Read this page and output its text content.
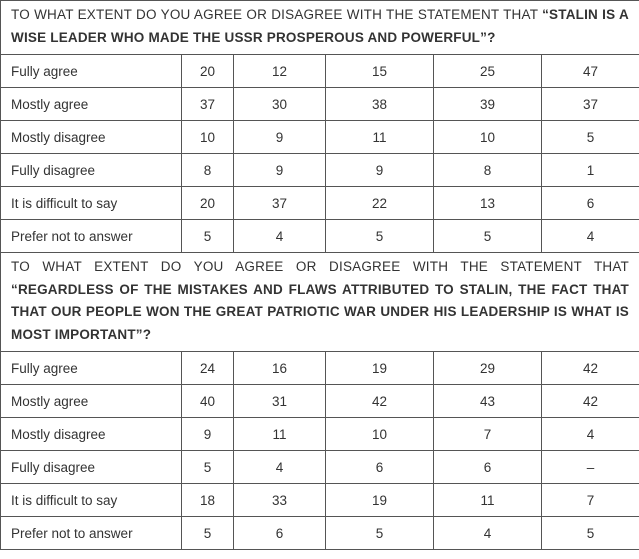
TO WHAT EXTENT DO YOU AGREE OR DISAGREE WITH THE STATEMENT THAT “STALIN IS A WISE LEADER WHO MADE THE USSR PROSPEROUS AND POWERFUL”?					
Fully agree	20	12	15	25	47
Mostly agree	37	30	38	39	37
Mostly disagree	10	9	11	10	5
Fully disagree	8	9	9	8	1
It is difficult to say	20	37	22	13	6
Prefer not to answer	5	4	5	5	4
TO WHAT EXTENT DO YOU AGREE OR DISAGREE WITH THE STATEMENT THAT “REGARDLESS OF THE MISTAKES AND FLAWS ATTRIBUTED TO STALIN, THE FACT THAT THAT OUR PEOPLE WON THE GREAT PATRIOTIC WAR UNDER HIS LEADERSHIP IS WHAT IS MOST IMPORTANT”?					
Fully agree	24	16	19	29	42
Mostly agree	40	31	42	43	42
Mostly disagree	9	11	10	7	4
Fully disagree	5	4	6	6	–
It is difficult to say	18	33	19	11	7
Prefer not to answer	5	6	5	4	5
